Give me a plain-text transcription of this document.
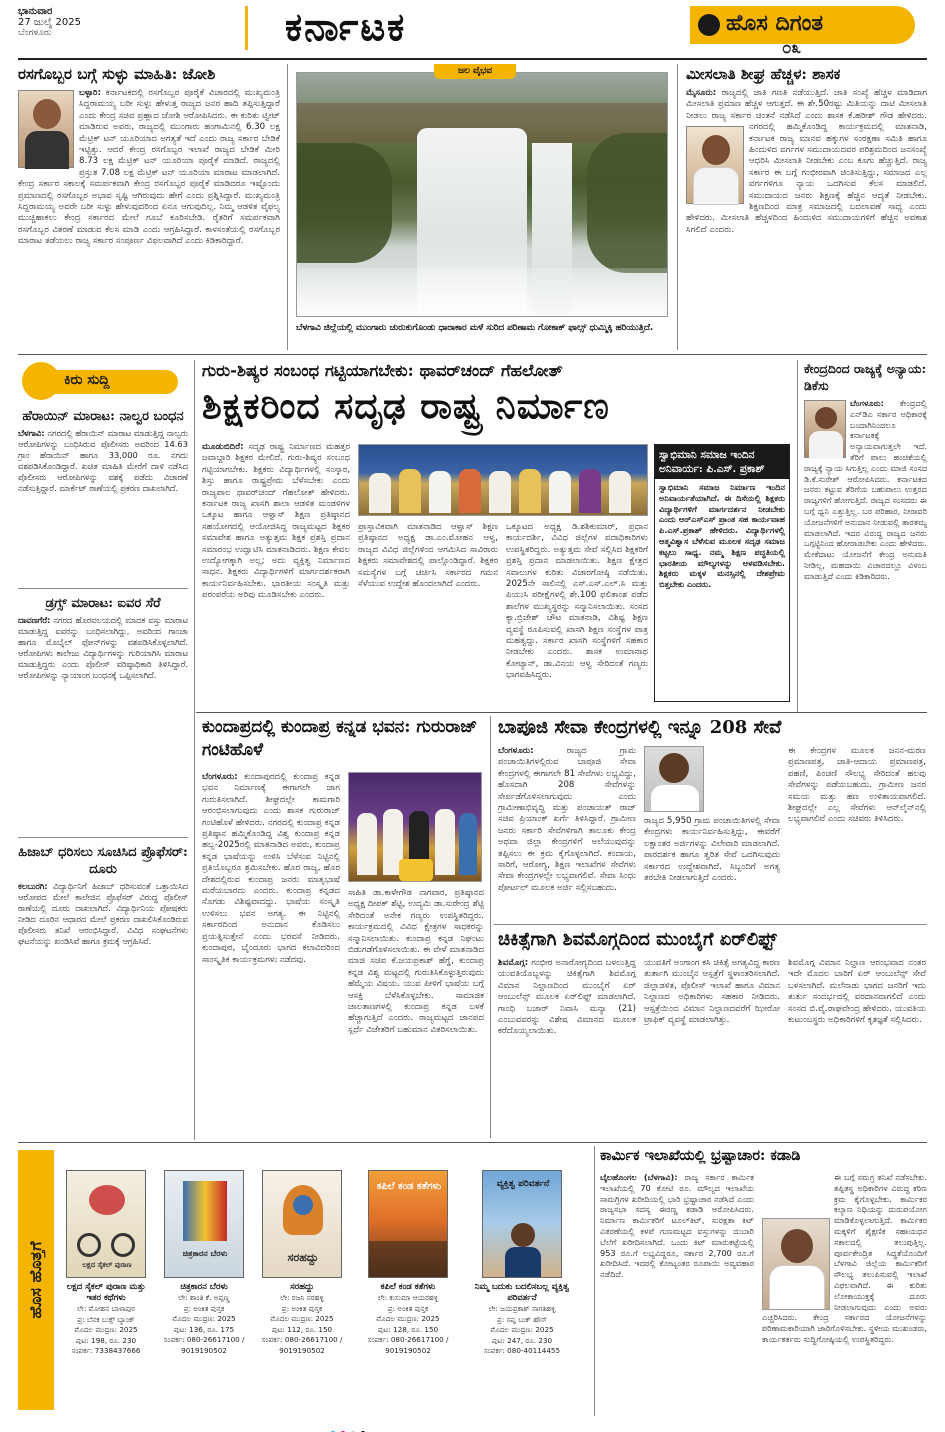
ಭಾನುವಾರ
27 ಜುಲೈ 2025
ಬೆಂಗಳೂರು	ಕರ್ನಾಟಕ	ಹೊಸ ದಿಗಂತ
೦೩
ರಸಗೊಬ್ಬರ ಬಗ್ಗೆ ಸುಳ್ಳು ಮಾಹಿತಿ: ಜೋಶಿ
ಬಳ್ಳಾರಿ: ಕರ್ನಾಟಕದಲ್ಲಿ ರಸಗೊಬ್ಬರ ಪೂರೈಕೆ ವಿಚಾರದಲ್ಲಿ ಮುಖ್ಯಮಂತ್ರಿ ಸಿದ್ದರಾಮಯ್ಯ ಬರೀ ಸುಳ್ಳು ಹೇಳುತ್ತ ರಾಜ್ಯದ ಜನರ ಹಾದಿ ತಪ್ಪಿಸುತ್ತಿದ್ದಾರೆ ಎಂದು ಕೇಂದ್ರ ಸಚಿವ ಪ್ರಹ್ಲಾದ ಜೋಶಿ ಆರೋಪಿಸಿದರು. ಈ ಕುರಿತು ಟ್ವೀಟ್ ಮಾಡಿರುವ ಅವರು, ರಾಜ್ಯದಲ್ಲಿ ಮುಂಗಾರು ಹಂಗಾಮಿನಲ್ಲಿ 6.30 ಲಕ್ಷ ಮೆಟ್ರಿಕ್ ಟನ್ ಯೂರಿಯಾದ ಅಗತ್ಯತೆ ಇದೆ ಎಂದು ರಾಜ್ಯ ಸರ್ಕಾರ ಬೇಡಿಕೆ ಇಟ್ಟಿತ್ತು. ಆದರೆ ಕೇಂದ್ರ ರಸಗೊಬ್ಬರ ಇಲಾಖೆ ರಾಜ್ಯದ ಬೇಡಿಕೆ ಮೀರಿ 8.73 ಲಕ್ಷ ಮೆಟ್ರಿಕ್ ಟನ್ ಯೂರಿಯಾ ಪೂರೈಕೆ ಮಾಡಿದೆ. ರಾಜ್ಯದಲ್ಲಿ ಪ್ರಸ್ತುತ 7.08 ಲಕ್ಷ ಮೆಟ್ರಿಕ್ ಟನ್ ಯೂರಿಯಾ ಮಾರಾಟ ಮಾಡಲಾಗಿದೆ. ಕೇಂದ್ರ ಸರ್ಕಾರ ಸಕಾಲಕ್ಕೆ ಸಮರ್ಪಕವಾಗಿ ಕೇಂದ್ರ ರಸಗೊಬ್ಬರ ಪೂರೈಕೆ ಮಾಡಿದರೂ ಇಷ್ಟೊಂದು ಪ್ರಮಾಣದಲ್ಲಿ ರಸಗೊಬ್ಬರ ಅಭಾವ ಸೃಷ್ಟಿ ಆಗಿರುವುದು ಹೇಗೆ ಎಂದು ಪ್ರಶ್ನಿಸಿದ್ದಾರೆ. ಮುಖ್ಯಮಂತ್ರಿ ಸಿದ್ದರಾಮಯ್ಯ ಅವರೇ ಬರೀ ಸುಳ್ಳು ಹೇಳುವುದರಿಂದ ಏನೂ ಆಗುವುದಿಲ್ಲ. ನಿಮ್ಮ ಆಡಳಿತ ವೈಫಲ್ಯ ಮುಚ್ಚಿಹಾಕಲು ಕೇಂದ್ರ ಸರ್ಕಾರದ ಮೇಲೆ ಗೂಬೆ ಕೂರಿಸಬೇಡಿ. ರೈತರಿಗೆ ಸಮರ್ಪಕವಾಗಿ ರಸಗೊಬ್ಬರ ವಿತರಣೆ ಮಾಡುವ ಕೆಲಸ ಮಾಡಿ ಎಂದು ಆಗ್ರಹಿಸಿದ್ದಾರೆ. ಕಾಳಸಂತೆಯಲ್ಲಿ ರಸಗೊಬ್ಬರ ಮಾರಾಟ ತಡೆಯಲು ರಾಜ್ಯ ಸರ್ಕಾರ ಸಂಪೂರ್ಣ ವಿಫಲವಾಗಿದೆ ಎಂದು ಕಿಡಿಕಾರಿದ್ದಾರೆ.
ಜಲ ವೈಭವ
ಬೆಳಗಾವಿ ಜಿಲ್ಲೆಯಲ್ಲಿ ಮುಂಗಾರು ಚುರುಕುಗೊಂಡು ಧಾರಾಕಾರ ಮಳೆ ಸುರಿದ ಪರಿಣಾಮ ಗೋಕಾಕ್ ಫಾಲ್ಸ್ ಧುಮ್ಮಿಕ್ಕಿ ಹರಿಯುತ್ತಿದೆ.
ಮೀಸಲಾತಿ ಶೀಘ್ರ ಹೆಚ್ಚಳ: ಶಾಸಕ
ಮೈಸೂರು: ರಾಜ್ಯದಲ್ಲಿ ಜಾತಿ ಗಣತಿ ನಡೆಯುತ್ತಿದೆ. ಜಾತಿ ಸಂಖ್ಯೆ ಹೆಚ್ಚಳ ಮಾಡಿದಾಗ ಮೀಸಲಾತಿ ಪ್ರಮಾಣ ಹೆಚ್ಚಳ ಆಗುತ್ತದೆ. ಈ ಶೇ.50ರಷ್ಟು ಮಿತಿಯನ್ನು ದಾಟಿ ಮೀಸಲಾತಿ ನೀಡಲು ರಾಜ್ಯ ಸರ್ಕಾರ ಚಿಂತನೆ ನಡೆಸಿದೆ ಎಂದು ಶಾಸಕ ಕೆ.ಹರೀಶ್ ಗೌಡ ಹೇಳಿದರು.
ನಗರದಲ್ಲಿ ಹಮ್ಮಿಕೊಂಡಿದ್ದ ಕಾರ್ಯಕ್ರಮದಲ್ಲಿ ಮಾತನಾಡಿ, ಕರ್ನಾಟಕ ರಾಜ್ಯ ಮಾನವ ಹಕ್ಕುಗಳ ಸಂರಕ್ಷಣಾ ಸಮಿತಿ ಹಾಗೂ ಹಿಂದುಳಿದ ವರ್ಗಗಳ ಸಮುದಾಯದವರ ಪರಿಶ್ರಮದಿಂದ ಜನಸಂಖ್ಯೆ ಆಧರಿಸಿ ಮೀಸಲಾತಿ ನೀಡಬೇಕು ಎಂಬ ಕೂಗು ಹೆಚ್ಚುತ್ತಿದೆ. ರಾಜ್ಯ ಸರ್ಕಾರ ಈ ಬಗ್ಗೆ ಗಂಭೀರವಾಗಿ ಚಿಂತಿಸುತ್ತಿದ್ದು, ಸಮಾಜದ ಎಲ್ಲ ವರ್ಗಗಳಿಗೂ ನ್ಯಾಯ ಒದಗಿಸುವ ಕೆಲಸ ಮಾಡಲಿದೆ. ಸಮುದಾಯದ ಜನರು ಶಿಕ್ಷಣಕ್ಕೆ ಹೆಚ್ಚಿನ ಆದ್ಯತೆ ನೀಡಬೇಕು. ಶಿಕ್ಷಣದಿಂದ ಮಾತ್ರ ಸಮಾಜದಲ್ಲಿ ಬದಲಾವಣೆ ಸಾಧ್ಯ ಎಂದು ಹೇಳಿದರು. ಮೀಸಲಾತಿ ಹೆಚ್ಚಳದಿಂದ ಹಿಂದುಳಿದ ಸಮುದಾಯಗಳಿಗೆ ಹೆಚ್ಚಿನ ಅವಕಾಶ ಸಿಗಲಿದೆ ಎಂದರು.
ಕಿರು ಸುದ್ದಿ
ಹೆರಾಯಿನ್ ಮಾರಾಟ: ನಾಲ್ವರ ಬಂಧನ
ಬೆಳಗಾವಿ: ನಗರದಲ್ಲಿ ಹೆರಾಯಿನ್ ಮಾರಾಟ ಮಾಡುತ್ತಿದ್ದ ನಾಲ್ವರು ಆರೋಪಿಗಳನ್ನು ಬಂಧಿಸಿರುವ ಪೊಲೀಸರು ಅವರಿಂದ 14.63 ಗ್ರಾಂ ಹೆರಾಯಿನ್ ಹಾಗೂ 33,000 ರೂ. ನಗದು ವಶಪಡಿಸಿಕೊಂಡಿದ್ದಾರೆ. ಖಚಿತ ಮಾಹಿತಿ ಮೇರೆಗೆ ದಾಳಿ ನಡೆಸಿದ ಪೊಲೀಸರು ಆರೋಪಿಗಳನ್ನು ವಶಕ್ಕೆ ಪಡೆದು ವಿಚಾರಣೆ ನಡೆಸುತ್ತಿದ್ದಾರೆ. ಮಾರ್ಕೆಟ್ ಠಾಣೆಯಲ್ಲಿ ಪ್ರಕರಣ ದಾಖಲಾಗಿದೆ.
ಡ್ರಗ್ಸ್ ಮಾರಾಟ: ಐವರ ಸೆರೆ
ದಾವಣಗೆರೆ: ನಗರದ ಹೊರವಲಯದಲ್ಲಿ ಮಾದಕ ವಸ್ತು ಮಾರಾಟ ಮಾಡುತ್ತಿದ್ದ ಐವರನ್ನು ಬಂಧಿಸಲಾಗಿದ್ದು, ಅವರಿಂದ ಗಾಂಜಾ ಹಾಗೂ ಮೊಬೈಲ್ ಫೋನ್‌ಗಳನ್ನು ವಶಪಡಿಸಿಕೊಳ್ಳಲಾಗಿದೆ. ಆರೋಪಿಗಳು ಕಾಲೇಜು ವಿದ್ಯಾರ್ಥಿಗಳನ್ನು ಗುರಿಯಾಗಿಸಿ ಮಾರಾಟ ಮಾಡುತ್ತಿದ್ದರು ಎಂದು ಪೊಲೀಸ್ ವರಿಷ್ಠಾಧಿಕಾರಿ ತಿಳಿಸಿದ್ದಾರೆ. ಆರೋಪಿಗಳನ್ನು ನ್ಯಾಯಾಂಗ ಬಂಧನಕ್ಕೆ ಒಪ್ಪಿಸಲಾಗಿದೆ.
ಹಿಜಾಬ್ ಧರಿಸಲು ಸೂಚಿಸಿದ ಪ್ರೊಫೆಸರ್: ದೂರು
ಕಲಬುರಗಿ: ವಿದ್ಯಾರ್ಥಿನಿಗೆ ಹಿಜಾಬ್ ಧರಿಸುವಂತೆ ಒತ್ತಾಯಿಸಿದ ಆರೋಪದ ಮೇಲೆ ಕಾಲೇಜಿನ ಪ್ರೊಫೆಸರ್ ವಿರುದ್ಧ ಪೊಲೀಸ್ ಠಾಣೆಯಲ್ಲಿ ದೂರು ದಾಖಲಾಗಿದೆ. ವಿದ್ಯಾರ್ಥಿನಿಯ ಪೋಷಕರು ನೀಡಿದ ದೂರಿನ ಆಧಾರದ ಮೇಲೆ ಪ್ರಕರಣ ದಾಖಲಿಸಿಕೊಂಡಿರುವ ಪೊಲೀಸರು ತನಿಖೆ ಆರಂಭಿಸಿದ್ದಾರೆ. ವಿವಿಧ ಸಂಘಟನೆಗಳು ಘಟನೆಯನ್ನು ಖಂಡಿಸಿವೆ ಹಾಗೂ ಕ್ರಮಕ್ಕೆ ಆಗ್ರಹಿಸಿವೆ.
ಗುರು-ಶಿಷ್ಯರ ಸಂಬಂಧ ಗಟ್ಟಿಯಾಗಬೇಕು: ಥಾವರ್‌ಚಂದ್ ಗೆಹಲೋತ್
ಶಿಕ್ಷಕರಿಂದ ಸದೃಢ ರಾಷ್ಟ್ರ ನಿರ್ಮಾಣ
ಮೂಡುಬಿದಿರೆ: ಸದೃಢ ರಾಷ್ಟ್ರ ನಿರ್ಮಾಣದ ಮಹತ್ತರ ಜವಾಬ್ದಾರಿ ಶಿಕ್ಷಕರ ಮೇಲಿದೆ. ಗುರು-ಶಿಷ್ಯರ ಸಂಬಂಧ ಗಟ್ಟಿಯಾಗಬೇಕು. ಶಿಕ್ಷಕರು ವಿದ್ಯಾರ್ಥಿಗಳಲ್ಲಿ ಸಂಸ್ಕಾರ, ಶಿಸ್ತು ಹಾಗೂ ರಾಷ್ಟ್ರಪ್ರೇಮ ಬೆಳೆಸಬೇಕು ಎಂದು ರಾಜ್ಯಪಾಲ ಥಾವರ್‌ಚಂದ್ ಗೆಹಲೋತ್ ಹೇಳಿದರು. ಕರ್ನಾಟಕ ರಾಜ್ಯ ಖಾಸಗಿ ಶಾಲಾ ಆಡಳಿತ ಮಂಡಳಿಗಳ ಒಕ್ಕೂಟ ಹಾಗೂ ಆಳ್ವಾಸ್ ಶಿಕ್ಷಣ ಪ್ರತಿಷ್ಠಾನದ ಸಹಯೋಗದಲ್ಲಿ ಆಯೋಜಿಸಿದ್ದ ರಾಜ್ಯಮಟ್ಟದ ಶಿಕ್ಷಕರ ಸಮಾವೇಶ ಹಾಗೂ ಅತ್ಯುತ್ತಮ ಶಿಕ್ಷಕ ಪ್ರಶಸ್ತಿ ಪ್ರದಾನ ಸಮಾರಂಭ ಉದ್ಘಾಟಿಸಿ ಮಾತನಾಡಿದರು. ಶಿಕ್ಷಣ ಕೇವಲ ಉದ್ಯೋಗಕ್ಕಾಗಿ ಅಲ್ಲ; ಅದು ವ್ಯಕ್ತಿತ್ವ ನಿರ್ಮಾಣದ ಸಾಧನ. ಶಿಕ್ಷಕರು ವಿದ್ಯಾರ್ಥಿಗಳಿಗೆ ಮಾರ್ಗದರ್ಶಕರಾಗಿ ಕಾರ್ಯನಿರ್ವಹಿಸಬೇಕು. ಭಾರತೀಯ ಸಂಸ್ಕೃತಿ ಮತ್ತು ಪರಂಪರೆಯ ಅರಿವು ಮೂಡಿಸಬೇಕು ಎಂದರು.
ಪ್ರಾಸ್ತಾವಿಕವಾಗಿ ಮಾತನಾಡಿದ ಆಳ್ವಾಸ್ ಶಿಕ್ಷಣ ಪ್ರತಿಷ್ಠಾನದ ಅಧ್ಯಕ್ಷ ಡಾ.ಎಂ.ಮೋಹನ ಆಳ್ವ, ರಾಜ್ಯದ ವಿವಿಧ ಜಿಲ್ಲೆಗಳಿಂದ ಆಗಮಿಸಿದ ಸಾವಿರಾರು ಶಿಕ್ಷಕರು ಸಮಾವೇಶದಲ್ಲಿ ಪಾಲ್ಗೊಂಡಿದ್ದಾರೆ. ಶಿಕ್ಷಕರ ಸಮಸ್ಯೆಗಳ ಬಗ್ಗೆ ಚರ್ಚಿಸಿ ಸರ್ಕಾರದ ಗಮನ ಸೆಳೆಯುವ ಉದ್ದೇಶ ಹೊಂದಲಾಗಿದೆ ಎಂದರು.
ಒಕ್ಕೂಟದ ಅಧ್ಯಕ್ಷ ಡಿ.ಶಶಿಕುಮಾರ್, ಪ್ರಧಾನ ಕಾರ್ಯದರ್ಶಿ, ವಿವಿಧ ಜಿಲ್ಲೆಗಳ ಪದಾಧಿಕಾರಿಗಳು ಉಪಸ್ಥಿತರಿದ್ದರು. ಅತ್ಯುತ್ತಮ ಸೇವೆ ಸಲ್ಲಿಸಿದ ಶಿಕ್ಷಕರಿಗೆ ಪ್ರಶಸ್ತಿ ಪ್ರದಾನ ಮಾಡಲಾಯಿತು. ಶಿಕ್ಷಣ ಕ್ಷೇತ್ರದ ಸವಾಲುಗಳ ಕುರಿತು ವಿಚಾರಗೋಷ್ಠಿ ನಡೆಯಿತು. 2025ನೇ ಸಾಲಿನಲ್ಲಿ ಎಸ್.ಎಸ್.ಎಲ್.ಸಿ ಮತ್ತು ಪಿಯುಸಿ ಪರೀಕ್ಷೆಗಳಲ್ಲಿ ಶೇ.100 ಫಲಿತಾಂಶ ಪಡೆದ ಶಾಲೆಗಳ ಮುಖ್ಯಸ್ಥರನ್ನು ಸನ್ಮಾನಿಸಲಾಯಿತು. ಸಂಸದ ಕ್ಯಾ.ಬ್ರಿಜೇಶ್ ಚೌಟ ಮಾತನಾಡಿ, ವಿಶಿಷ್ಟ ಶಿಕ್ಷಣ ವ್ಯವಸ್ಥೆ ರೂಪಿಸುವಲ್ಲಿ ಖಾಸಗಿ ಶಿಕ್ಷಣ ಸಂಸ್ಥೆಗಳ ಪಾತ್ರ ಮಹತ್ವದ್ದು. ಸರ್ಕಾರ ಖಾಸಗಿ ಸಂಸ್ಥೆಗಳಿಗೆ ಸಹಕಾರ ನೀಡಬೇಕು ಎಂದರು. ಶಾಸಕ ಉಮಾನಾಥ ಕೋಟ್ಯಾನ್, ಡಾ.ವಿನಯ ಆಳ್ವ ಸೇರಿದಂತೆ ಗಣ್ಯರು ಭಾಗವಹಿಸಿದ್ದರು.
ಸ್ವಾಭಿಮಾನಿ ಸಮಾಜ ಇಂದಿನ ಅನಿವಾರ್ಯ: ಪಿ.ಎಸ್. ಪ್ರಕಾಶ್
ಸ್ವಾಭಿಮಾನಿ ಸಮಾಜ ನಿರ್ಮಾಣ ಇಂದಿನ ಅನಿವಾರ್ಯತೆಯಾಗಿದೆ. ಈ ದಿಸೆಯಲ್ಲಿ ಶಿಕ್ಷಕರು ವಿದ್ಯಾರ್ಥಿಗಳಿಗೆ ಮಾರ್ಗದರ್ಶನ ನೀಡಬೇಕು ಎಂದು ಆರ್‌ಎಸ್‌ಎಸ್ ಪ್ರಾಂತ ಸಹ ಕಾರ್ಯವಾಹ ಪಿ.ಎಸ್.ಪ್ರಕಾಶ್ ಹೇಳಿದರು. ವಿದ್ಯಾರ್ಥಿಗಳಲ್ಲಿ ಆತ್ಮವಿಶ್ವಾಸ ಬೆಳೆಸುವ ಮೂಲಕ ಸದೃಢ ಸಮಾಜ ಕಟ್ಟಲು ಸಾಧ್ಯ. ನಮ್ಮ ಶಿಕ್ಷಣ ಪದ್ಧತಿಯಲ್ಲಿ ಭಾರತೀಯ ಮೌಲ್ಯಗಳನ್ನು ಅಳವಡಿಸಬೇಕು. ಶಿಕ್ಷಕರು ಮಕ್ಕಳ ಮನಸ್ಸಿನಲ್ಲಿ ದೇಶಪ್ರೇಮ ಬಿತ್ತಬೇಕು ಎಂದರು.
ಕೇಂದ್ರದಿಂದ ರಾಜ್ಯಕ್ಕೆ ಅನ್ಯಾಯ: ಡಿಕೆಸು
ಬೆಂಗಳೂರು: ಕೇಂದ್ರದಲ್ಲಿ ಎನ್‌ಡಿಎ ಸರ್ಕಾರ ಅಧಿಕಾರಕ್ಕೆ ಬಂದಾಗಿನಿಂದಲೂ ಕರ್ನಾಟಕಕ್ಕೆ ಅನ್ಯಾಯವಾಗುತ್ತಲೇ ಇದೆ. ತೆರಿಗೆ ಪಾಲು ಹಂಚಿಕೆಯಲ್ಲಿ ರಾಜ್ಯಕ್ಕೆ ನ್ಯಾಯ ಸಿಗುತ್ತಿಲ್ಲ ಎಂದು ಮಾಜಿ ಸಂಸದ ಡಿ.ಕೆ.ಸುರೇಶ್ ಆರೋಪಿಸಿದರು. ಕರ್ನಾಟಕದ ಜನರು ಕಟ್ಟುವ ತೆರಿಗೆಯ ಬಹುಪಾಲು ಉತ್ತರದ ರಾಜ್ಯಗಳಿಗೆ ಹೋಗುತ್ತಿದೆ. ರಾಜ್ಯದ ಸಂಸದರು ಈ ಬಗ್ಗೆ ಧ್ವನಿ ಎತ್ತುತ್ತಿಲ್ಲ. ಬರ ಪರಿಹಾರ, ನೀರಾವರಿ ಯೋಜನೆಗಳಿಗೆ ಅನುದಾನ ನೀಡುವಲ್ಲಿ ತಾರತಮ್ಯ ಮಾಡಲಾಗಿದೆ. ಇದರ ವಿರುದ್ಧ ರಾಜ್ಯದ ಜನರು ಒಗ್ಗಟ್ಟಿನಿಂದ ಹೋರಾಡಬೇಕು ಎಂದು ಹೇಳಿದರು. ಮೇಕೆದಾಟು ಯೋಜನೆಗೆ ಕೇಂದ್ರ ಅನುಮತಿ ನೀಡಿಲ್ಲ, ಮಹದಾಯಿ ವಿಚಾರದಲ್ಲೂ ವಿಳಂಬ ಮಾಡುತ್ತಿದೆ ಎಂದು ಕಿಡಿಕಾರಿದರು.
ಕುಂದಾಪ್ರದಲ್ಲಿ ಕುಂದಾಪ್ರ ಕನ್ನಡ ಭವನ: ಗುರುರಾಜ್ ಗಂಟಿಹೊಳೆ
ಬೆಂಗಳೂರು: ಕುಂದಾಪುರದಲ್ಲಿ ಕುಂದಾಪ್ರ ಕನ್ನಡ ಭವನ ನಿರ್ಮಾಣಕ್ಕೆ ಈಗಾಗಲೇ ಜಾಗ ಗುರುತಿಸಲಾಗಿದೆ. ಶೀಘ್ರದಲ್ಲೇ ಕಾಮಗಾರಿ ಆರಂಭಿಸಲಾಗುವುದು ಎಂದು ಶಾಸಕ ಗುರುರಾಜ್ ಗಂಟಿಹೊಳೆ ಹೇಳಿದರು. ನಗರದಲ್ಲಿ ಕುಂದಾಪ್ರ ಕನ್ನಡ ಪ್ರತಿಷ್ಠಾನ ಹಮ್ಮಿಕೊಂಡಿದ್ದ ವಿಶ್ವ ಕುಂದಾಪ್ರ ಕನ್ನಡ ಹಬ್ಬ-2025ರಲ್ಲಿ ಮಾತನಾಡಿದ ಅವರು, ಕುಂದಾಪ್ರ ಕನ್ನಡ ಭಾಷೆಯನ್ನು ಉಳಿಸಿ ಬೆಳೆಸುವ ನಿಟ್ಟಿನಲ್ಲಿ ಪ್ರತಿಯೊಬ್ಬರೂ ಶ್ರಮಿಸಬೇಕು. ಹೊರ ರಾಜ್ಯ, ಹೊರ ದೇಶದಲ್ಲಿರುವ ಕುಂದಾಪ್ರ ಜನರು ಮಾತೃಭಾಷೆ ಮರೆಯಬಾರದು ಎಂದರು. ಕುಂದಾಪ್ರ ಕನ್ನಡದ ಸೊಗಡು ವಿಶಿಷ್ಟವಾದದ್ದು. ಭಾಷೆಯ ಸಂಸ್ಕೃತಿ ಉಳಿಸಲು ಭವನ ಅಗತ್ಯ. ಈ ನಿಟ್ಟಿನಲ್ಲಿ ಸರ್ಕಾರದಿಂದ ಅನುದಾನ ಕೊಡಿಸಲು ಪ್ರಯತ್ನಿಸುತ್ತೇನೆ ಎಂದು ಭರವಸೆ ನೀಡಿದರು. ಕುಂದಾಪುರ, ಬೈಂದೂರು ಭಾಗದ ಕಲಾವಿದರಿಂದ ಸಾಂಸ್ಕೃತಿಕ ಕಾರ್ಯಕ್ರಮಗಳು ನಡೆದವು.
ಸಾಹಿತಿ ಡಾ.ಕಾಳೇಗೌಡ ನಾಗವಾರ, ಪ್ರತಿಷ್ಠಾನದ ಅಧ್ಯಕ್ಷ ದೀಪಕ್ ಶೆಟ್ಟಿ, ಉದ್ಯಮಿ ಡಾ.ಸುರೇಂದ್ರ ಶೆಟ್ಟಿ ಸೇರಿದಂತೆ ಅನೇಕ ಗಣ್ಯರು ಉಪಸ್ಥಿತರಿದ್ದರು. ಕಾರ್ಯಕ್ರಮದಲ್ಲಿ ವಿವಿಧ ಕ್ಷೇತ್ರಗಳ ಸಾಧಕರನ್ನು ಸನ್ಮಾನಿಸಲಾಯಿತು. ಕುಂದಾಪ್ರ ಕನ್ನಡ ನಿಘಂಟು ಬಿಡುಗಡೆಗೊಳಿಸಲಾಯಿತು. ಈ ವೇಳೆ ಮಾತನಾಡಿದ ಮಾಜಿ ಸಚಿವ ಕೆ.ಜಯಪ್ರಕಾಶ್ ಹೆಗ್ಡೆ, ಕುಂದಾಪ್ರ ಕನ್ನಡ ವಿಶ್ವ ಮಟ್ಟದಲ್ಲಿ ಗುರುತಿಸಿಕೊಳ್ಳುತ್ತಿರುವುದು ಹೆಮ್ಮೆಯ ವಿಷಯ. ಯುವ ಪೀಳಿಗೆ ಭಾಷೆಯ ಬಗ್ಗೆ ಆಸಕ್ತಿ ಬೆಳೆಸಿಕೊಳ್ಳಬೇಕು. ಸಾಮಾಜಿಕ ಜಾಲತಾಣಗಳಲ್ಲಿ ಕುಂದಾಪ್ರ ಕನ್ನಡ ಬಳಕೆ ಹೆಚ್ಚಾಗುತ್ತಿದೆ ಎಂದರು. ರಾಜ್ಯಮಟ್ಟದ ಜಾನಪದ ಸ್ಪರ್ಧೆ ವಿಜೇತರಿಗೆ ಬಹುಮಾನ ವಿತರಿಸಲಾಯಿತು.
ಬಾಪೂಜಿ ಸೇವಾ ಕೇಂದ್ರಗಳಲ್ಲಿ ಇನ್ನೂ 208 ಸೇವೆ
ಬೆಂಗಳೂರು:	ರಾಜ್ಯದ ಗ್ರಾಮ ಪಂಚಾಯಿತಿಗಳಲ್ಲಿರುವ ಬಾಪೂಜಿ ಸೇವಾ ಕೇಂದ್ರಗಳಲ್ಲಿ ಈಗಾಗಲೇ 81 ಸೇವೆಗಳು ಲಭ್ಯವಿದ್ದು, ಹೊಸದಾಗಿ 208 ಸೇವೆಗಳನ್ನು ಸೇರ್ಪಡೆಗೊಳಿಸಲಾಗುವುದು ಎಂದು ಗ್ರಾಮೀಣಾಭಿವೃದ್ಧಿ ಮತ್ತು ಪಂಚಾಯತ್ ರಾಜ್ ಸಚಿವ ಪ್ರಿಯಾಂಕ್ ಖರ್ಗೆ ತಿಳಿಸಿದ್ದಾರೆ. ಗ್ರಾಮೀಣ ಜನರು ಸರ್ಕಾರಿ ಸೇವೆಗಳಿಗಾಗಿ ತಾಲೂಕು ಕೇಂದ್ರ ಅಥವಾ ಜಿಲ್ಲಾ ಕೇಂದ್ರಗಳಿಗೆ ಅಲೆಯುವುದನ್ನು ತಪ್ಪಿಸಲು ಈ ಕ್ರಮ ಕೈಗೊಳ್ಳಲಾಗಿದೆ. ಕಂದಾಯ, ಸಾರಿಗೆ, ಆರೋಗ್ಯ, ಶಿಕ್ಷಣ ಇಲಾಖೆಗಳ ಸೇವೆಗಳು ಸೇವಾ ಕೇಂದ್ರಗಳಲ್ಲೇ ಲಭ್ಯವಾಗಲಿವೆ. ಸೇವಾ ಸಿಂಧು ಪೋರ್ಟಲ್ ಮೂಲಕ ಅರ್ಜಿ ಸಲ್ಲಿಸಬಹುದು.
ರಾಜ್ಯದ 5,950 ಗ್ರಾಮ ಪಂಚಾಯಿತಿಗಳಲ್ಲಿ ಸೇವಾ ಕೇಂದ್ರಗಳು ಕಾರ್ಯನಿರ್ವಹಿಸುತ್ತಿದ್ದು, ಈವರೆಗೆ ಲಕ್ಷಾಂತರ ಅರ್ಜಿಗಳನ್ನು ವಿಲೇವಾರಿ ಮಾಡಲಾಗಿದೆ. ಪಾರದರ್ಶಕ ಹಾಗೂ ತ್ವರಿತ ಸೇವೆ ಒದಗಿಸುವುದು ಸರ್ಕಾರದ ಉದ್ದೇಶವಾಗಿದೆ. ಸಿಬ್ಬಂದಿಗೆ ಅಗತ್ಯ ತರಬೇತಿ ನೀಡಲಾಗುತ್ತಿದೆ ಎಂದರು.
ಈ ಕೇಂದ್ರಗಳ ಮೂಲಕ ಜನನ-ಮರಣ ಪ್ರಮಾಣಪತ್ರ, ಜಾತಿ-ಆದಾಯ ಪ್ರಮಾಣಪತ್ರ, ಪಹಣಿ, ಪಿಂಚಣಿ ಸೌಲಭ್ಯ ಸೇರಿದಂತೆ ಹಲವು ಸೇವೆಗಳನ್ನು ಪಡೆಯಬಹುದು. ಗ್ರಾಮೀಣ ಜನರ ಸಮಯ ಮತ್ತು ಹಣ ಉಳಿತಾಯವಾಗಲಿದೆ. ಶೀಘ್ರದಲ್ಲೇ ಎಲ್ಲ ಸೇವೆಗಳು ಆನ್‌ಲೈನ್‌ನಲ್ಲಿ ಲಭ್ಯವಾಗಲಿವೆ ಎಂದು ಸಚಿವರು ತಿಳಿಸಿದರು.
ಚಿಕಿತ್ಸೆಗಾಗಿ ಶಿವಮೊಗ್ಗದಿಂದ ಮುಂಬೈಗೆ ಏರ್‌ಲಿಫ್ಟ್
ಶಿವಮೊಗ್ಗ: ಗಂಭೀರ ಅನಾರೋಗ್ಯದಿಂದ ಬಳಲುತ್ತಿದ್ದ ಯುವತಿಯೊಬ್ಬಳನ್ನು ಚಿಕಿತ್ಸೆಗಾಗಿ ಶಿವಮೊಗ್ಗ ವಿಮಾನ ನಿಲ್ದಾಣದಿಂದ ಮುಂಬೈಗೆ ಏರ್ ಆಂಬುಲೆನ್ಸ್ ಮೂಲಕ ಏರ್‌ಲಿಫ್ಟ್ ಮಾಡಲಾಗಿದೆ. ಗಾಂಧಿ ಬಜಾರ್ ನಿವಾಸಿ ಮನ್ಯಾ (21) ಎಂಬುವವರನ್ನು ವಿಶೇಷ ವಿಮಾನದ ಮೂಲಕ ಕರೆದೊಯ್ಯಲಾಯಿತು.
ಯುವತಿಗೆ ಅಂಗಾಂಗ ಕಸಿ ಚಿಕಿತ್ಸೆ ಅಗತ್ಯವಿದ್ದ ಕಾರಣ ತುರ್ತಾಗಿ ಮುಂಬೈನ ಆಸ್ಪತ್ರೆಗೆ ಸ್ಥಳಾಂತರಿಸಲಾಗಿದೆ. ಜಿಲ್ಲಾಡಳಿತ, ಪೊಲೀಸ್ ಇಲಾಖೆ ಹಾಗೂ ವಿಮಾನ ನಿಲ್ದಾಣದ ಅಧಿಕಾರಿಗಳು ಸಹಕಾರ ನೀಡಿದರು. ಆಸ್ಪತ್ರೆಯಿಂದ ವಿಮಾನ ನಿಲ್ದಾಣದವರೆಗೆ ಝೀರೋ ಟ್ರಾಫಿಕ್ ವ್ಯವಸ್ಥೆ ಮಾಡಲಾಗಿತ್ತು.
ಶಿವಮೊಗ್ಗ ವಿಮಾನ ನಿಲ್ದಾಣ ಆರಂಭವಾದ ನಂತರ ಇದೇ ಮೊದಲ ಬಾರಿಗೆ ಏರ್ ಆಂಬುಲೆನ್ಸ್ ಸೇವೆ ಬಳಸಲಾಗಿದೆ. ಮಲೆನಾಡು ಭಾಗದ ಜನರಿಗೆ ಇದು ತುರ್ತು ಸಂದರ್ಭದಲ್ಲಿ ವರದಾನವಾಗಲಿದೆ ಎಂದು ಸಂಸದ ಬಿ.ವೈ.ರಾಘವೇಂದ್ರ ಹೇಳಿದರು. ಯುವತಿಯ ಕುಟುಂಬಸ್ಥರು ಅಧಿಕಾರಿಗಳಿಗೆ ಕೃತಜ್ಞತೆ ಸಲ್ಲಿಸಿದರು.
ಹೊಸ ಹೊತ್ತಗೆ	ಲಕ್ಷದ ಸೈಕಲ್ ಪುರಾಣ
ಲಕ್ಷದ ಸೈಕಲ್ ಪುರಾಣ ಮತ್ತು ಇತರ ಕಥೆಗಳು
ಲೇ: ಮೋಹನ ಬಾಳಾಪುರ
ಪ್ರ: ಬೆನಕ ಬುಕ್ಸ್ ಬ್ಯಾಂಕ್
ಮೊದಲ ಮುದ್ರಣ: 2025
ಪುಟ: 198, ರೂ. 230
ಸಂಪರ್ಕ: 7338437666
ಚಿತ್ರಕಾರನ ಬೆರಳು
ಚಿತ್ರಕಾರನ ಬೆರಳು
ಲೇ: ಶಾಂತಿ ಕೆ. ಅಪ್ಪಣ್ಣ
ಪ್ರ: ಅಂಕಿತ ಪುಸ್ತಕ
ಮೊದಲ ಮುದ್ರಣ: 2025
ಪುಟ: 136, ರೂ. 175
ಸಂಪರ್ಕ: 080-26617100 / 9019190502
ಸರಹದ್ದು
ಸರಹದ್ದು
ಲೇ: ರಜನಿ ನರಹಳ್ಳಿ
ಪ್ರ: ಅಂಕಿತ ಪುಸ್ತಕ
ಮೊದಲ ಮುದ್ರಣ: 2025
ಪುಟ: 112, ರೂ. 150
ಸಂಪರ್ಕ: 080-26617100 / 9019190502
ಕಪಿಲೆ ಕಂಡ ಕತೆಗಳು
ಕಪಿಲೆ ಕಂಡ ಕತೆಗಳು
ಲೇ: ಕುಸುಮಾ ಆಯರಹಳ್ಳಿ
ಪ್ರ: ಅಂಕಿತ ಪುಸ್ತಕ
ಮೊದಲ ಮುದ್ರಣ: 2025
ಪುಟ: 128, ರೂ. 150
ಸಂಪರ್ಕ: 080-26617100 / 9019190502
ವ್ಯಕ್ತಿತ್ವ ಪರಿವರ್ತನೆ
ನಿಮ್ಮ ಬದುಕು ಬದಲಿಸಬಲ್ಲ ವ್ಯಕ್ತಿತ್ವ ಪರಿವರ್ತನೆ
ಲೇ: ಜಯಪ್ರಕಾಶ್ ನಾಗತಿಹಳ್ಳಿ
ಪ್ರ: ಸಪ್ನ ಬುಕ್ ಹೌಸ್
ಮೊದಲ ಮುದ್ರಣ: 2025
ಪುಟ: 247, ರೂ. 230
ಸಂಪರ್ಕ: 080-40114455
ಕಾರ್ಮಿಕ ಇಲಾಖೆಯಲ್ಲಿ ಭ್ರಷ್ಟಾಚಾರ: ಕಡಾಡಿ
ಬೈಲಹೊಂಗಲ (ಬೆಳಗಾವಿ): ರಾಜ್ಯ ಸರ್ಕಾರ ಕಾರ್ಮಿಕ ಇಲಾಖೆಯಲ್ಲಿ 70 ಕೋಟಿ ರೂ. ಮೌಲ್ಯದ ಇಲಾಖೆಯ ಸಾಮಗ್ರಿಗಳ ಖರೀದಿಯಲ್ಲಿ ಭಾರಿ ಭ್ರಷ್ಟಾಚಾರ ನಡೆಸಿದೆ ಎಂದು ರಾಜ್ಯಸಭಾ ಸದಸ್ಯ ಈರಣ್ಣ ಕಡಾಡಿ ಆರೋಪಿಸಿದರು. ನಿರ್ಮಾಣ ಕಾರ್ಮಿಕರಿಗೆ ಟೂಲ್‌ಕಿಟ್, ಸುರಕ್ಷತಾ ಕಿಟ್ ವಿತರಣೆಯಲ್ಲಿ ಕಳಪೆ ಗುಣಮಟ್ಟದ ವಸ್ತುಗಳನ್ನು ದುಬಾರಿ ಬೆಲೆಗೆ ಖರೀದಿಸಲಾಗಿದೆ. ಒಂದು ಕಿಟ್ ಮಾರುಕಟ್ಟೆಯಲ್ಲಿ 953 ರೂ.ಗೆ ಲಭ್ಯವಿದ್ದರೂ, ಸರ್ಕಾರ 2,700 ರೂ.ಗೆ ಖರೀದಿಸಿದೆ. ಇದರಲ್ಲಿ ಕೋಟ್ಯಂತರ ರೂಪಾಯಿ ಅವ್ಯವಹಾರ ನಡೆದಿದೆ.
ಈ ಬಗ್ಗೆ ಸಮಗ್ರ ತನಿಖೆ ನಡೆಸಬೇಕು. ತಪ್ಪಿತಸ್ಥ ಅಧಿಕಾರಿಗಳ ವಿರುದ್ಧ ಕಠಿಣ ಕ್ರಮ ಕೈಗೊಳ್ಳಬೇಕು. ಕಾರ್ಮಿಕರ ಕಲ್ಯಾಣ ನಿಧಿಯನ್ನು ದುರುಪಯೋಗ ಮಾಡಿಕೊಳ್ಳಲಾಗುತ್ತಿದೆ. ಕಾರ್ಮಿಕರ ಮಕ್ಕಳಿಗೆ ಶೈಕ್ಷಣಿಕ ಸಹಾಯಧನ ಸಕಾಲದಲ್ಲಿ ತಲುಪುತ್ತಿಲ್ಲ. ಪೂರ್ವಕೇಂದ್ರಿತ ಸಿದ್ಧತೆಯೊಂದಿಗೆ ಬೆಳಗಾವಿ ಜಿಲ್ಲೆಯ ಕಾರ್ಮಿಕರಿಗೆ ಸೌಲಭ್ಯ ತಲುಪಿಸುವಲ್ಲಿ ಇಲಾಖೆ ವಿಫಲವಾಗಿದೆ. ಈ ಕುರಿತು ಲೋಕಾಯುಕ್ತಕ್ಕೆ ದೂರು ನೀಡಲಾಗುವುದು ಎಂದು ಅವರು ಎಚ್ಚರಿಸಿದರು. ಕೇಂದ್ರ ಸರ್ಕಾರದ ಯೋಜನೆಗಳನ್ನು ಪರಿಣಾಮಕಾರಿಯಾಗಿ ಜಾರಿಗೊಳಿಸಬೇಕು. ಸ್ಥಳೀಯ ಮುಖಂಡರು, ಕಾರ್ಯಕರ್ತರು ಸುದ್ದಿಗೋಷ್ಠಿಯಲ್ಲಿ ಉಪಸ್ಥಿತರಿದ್ದರು.
